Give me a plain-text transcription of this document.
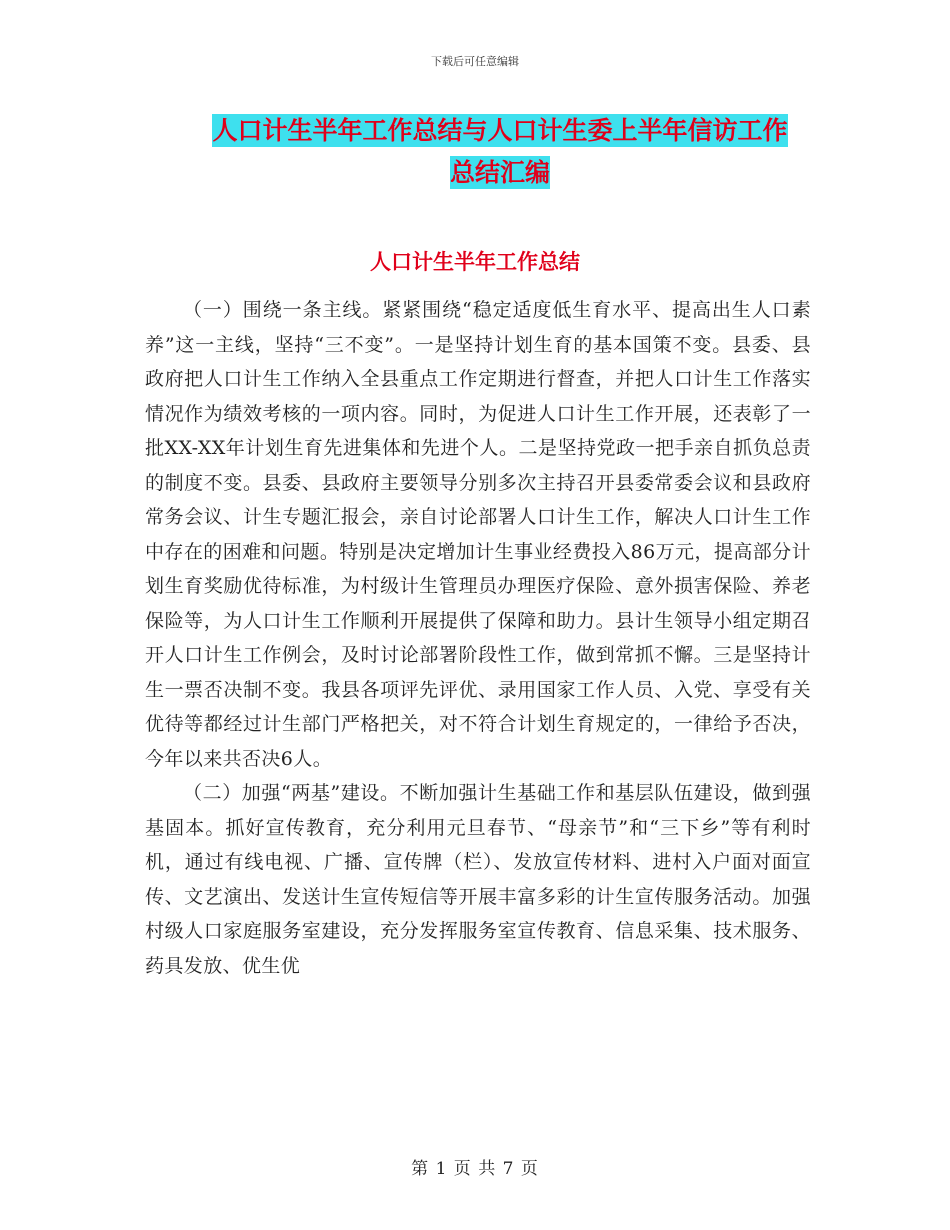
下载后可任意编辑
人口计生半年工作总结与人口计生委上半年信访工作
总结汇编
人口计生半年工作总结

（一）围绕一条主线。紧紧围绕“稳定适度低生育水平、提高出生人口素养”这一主线，坚持“三不变”。一是坚持计划生育的基本国策不变。县委、县政府把人口计生工作纳入全县重点工作定期进行督查，并把人口计生工作落实情况作为绩效考核的一项内容。同时，为促进人口计生工作开展，还表彰了一批XX-XX年计划生育先进集体和先进个人。二是坚持党政一把手亲自抓负总责的制度不变。县委、县政府主要领导分别多次主持召开县委常委会议和县政府常务会议、计生专题汇报会，亲自讨论部署人口计生工作，解决人口计生工作中存在的困难和问题。特别是决定增加计生事业经费投入86万元，提高部分计划生育奖励优待标准，为村级计生管理员办理医疗保险、意外损害保险、养老保险等，为人口计生工作顺利开展提供了保障和助力。县计生领导小组定期召开人口计生工作例会，及时讨论部署阶段性工作，做到常抓不懈。三是坚持计生一票否决制不变。我县各项评先评优、录用国家工作人员、入党、享受有关优待等都经过计生部门严格把关，对不符合计划生育规定的，一律给予否决，今年以来共否决6人。

（二）加强“两基”建设。不断加强计生基础工作和基层队伍建设，做到强基固本。抓好宣传教育，充分利用元旦春节、“母亲节”和“三下乡”等有利时机，通过有线电视、广播、宣传牌（栏）、发放宣传材料、进村入户面对面宣传、文艺演出、发送计生宣传短信等开展丰富多彩的计生宣传服务活动。加强村级人口家庭服务室建设，充分发挥服务室宣传教育、信息采集、技术服务、药具发放、优生优

第 1 页 共 7 页
